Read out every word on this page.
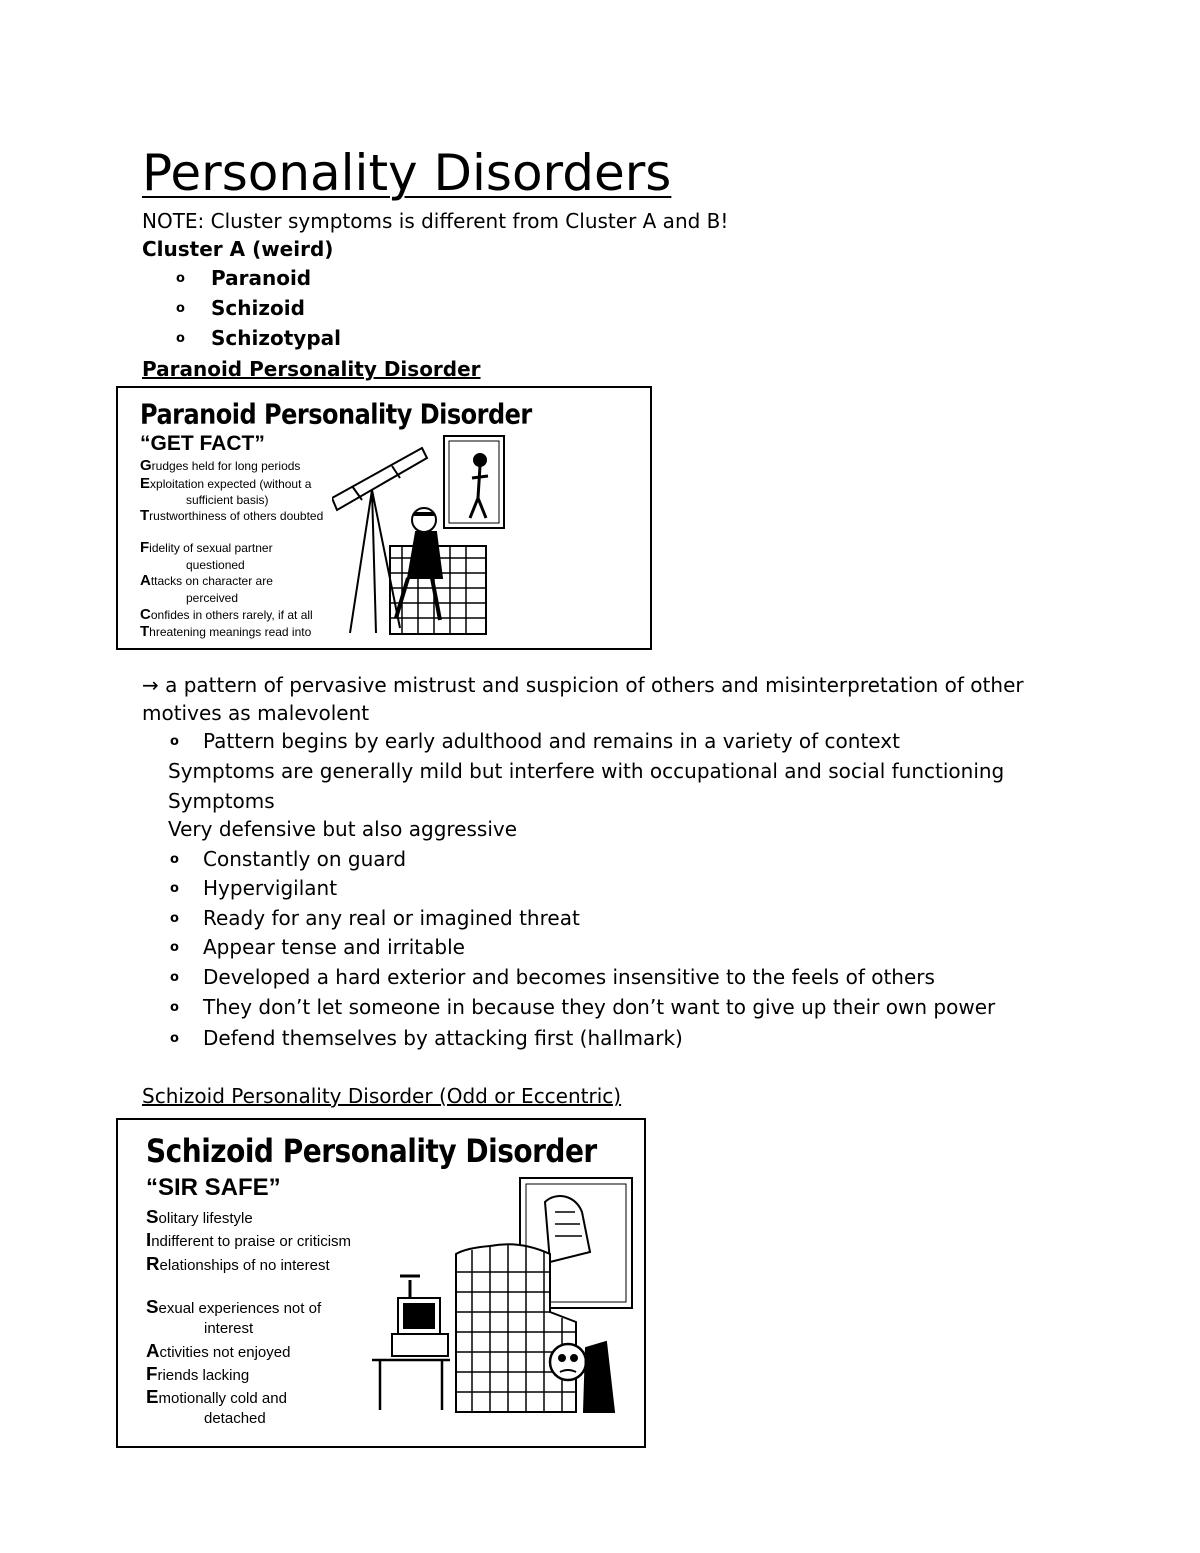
Personality Disorders
NOTE: Cluster symptoms is different from Cluster A and B!
Cluster A (weird)
o Paranoid
o Schizoid
o Schizotypal
Paranoid Personality Disorder
Paranoid Personality Disorder
“GET FACT”
Grudges held for long periods
Exploitation expected (without a
sufficient basis)
Trustworthiness of others doubted
Fidelity of sexual partner
questioned
Attacks on character are
perceived
Confides in others rarely, if at all
Threatening meanings read into
→ a pattern of pervasive mistrust and suspicion of others and misinterpretation of other
motives as malevolent
o Pattern begins by early adulthood and remains in a variety of context
Symptoms are generally mild but interfere with occupational and social functioning
Symptoms
Very defensive but also aggressive
o Constantly on guard
o Hypervigilant
o Ready for any real or imagined threat
o Appear tense and irritable
o Developed a hard exterior and becomes insensitive to the feels of others
o They don’t let someone in because they don’t want to give up their own power
o Defend themselves by attacking first (hallmark)
Schizoid Personality Disorder (Odd or Eccentric)
Schizoid Personality Disorder
“SIR SAFE”
Solitary lifestyle
Indifferent to praise or criticism
Relationships of no interest
Sexual experiences not of
interest
Activities not enjoyed
Friends lacking
Emotionally cold and
detached
